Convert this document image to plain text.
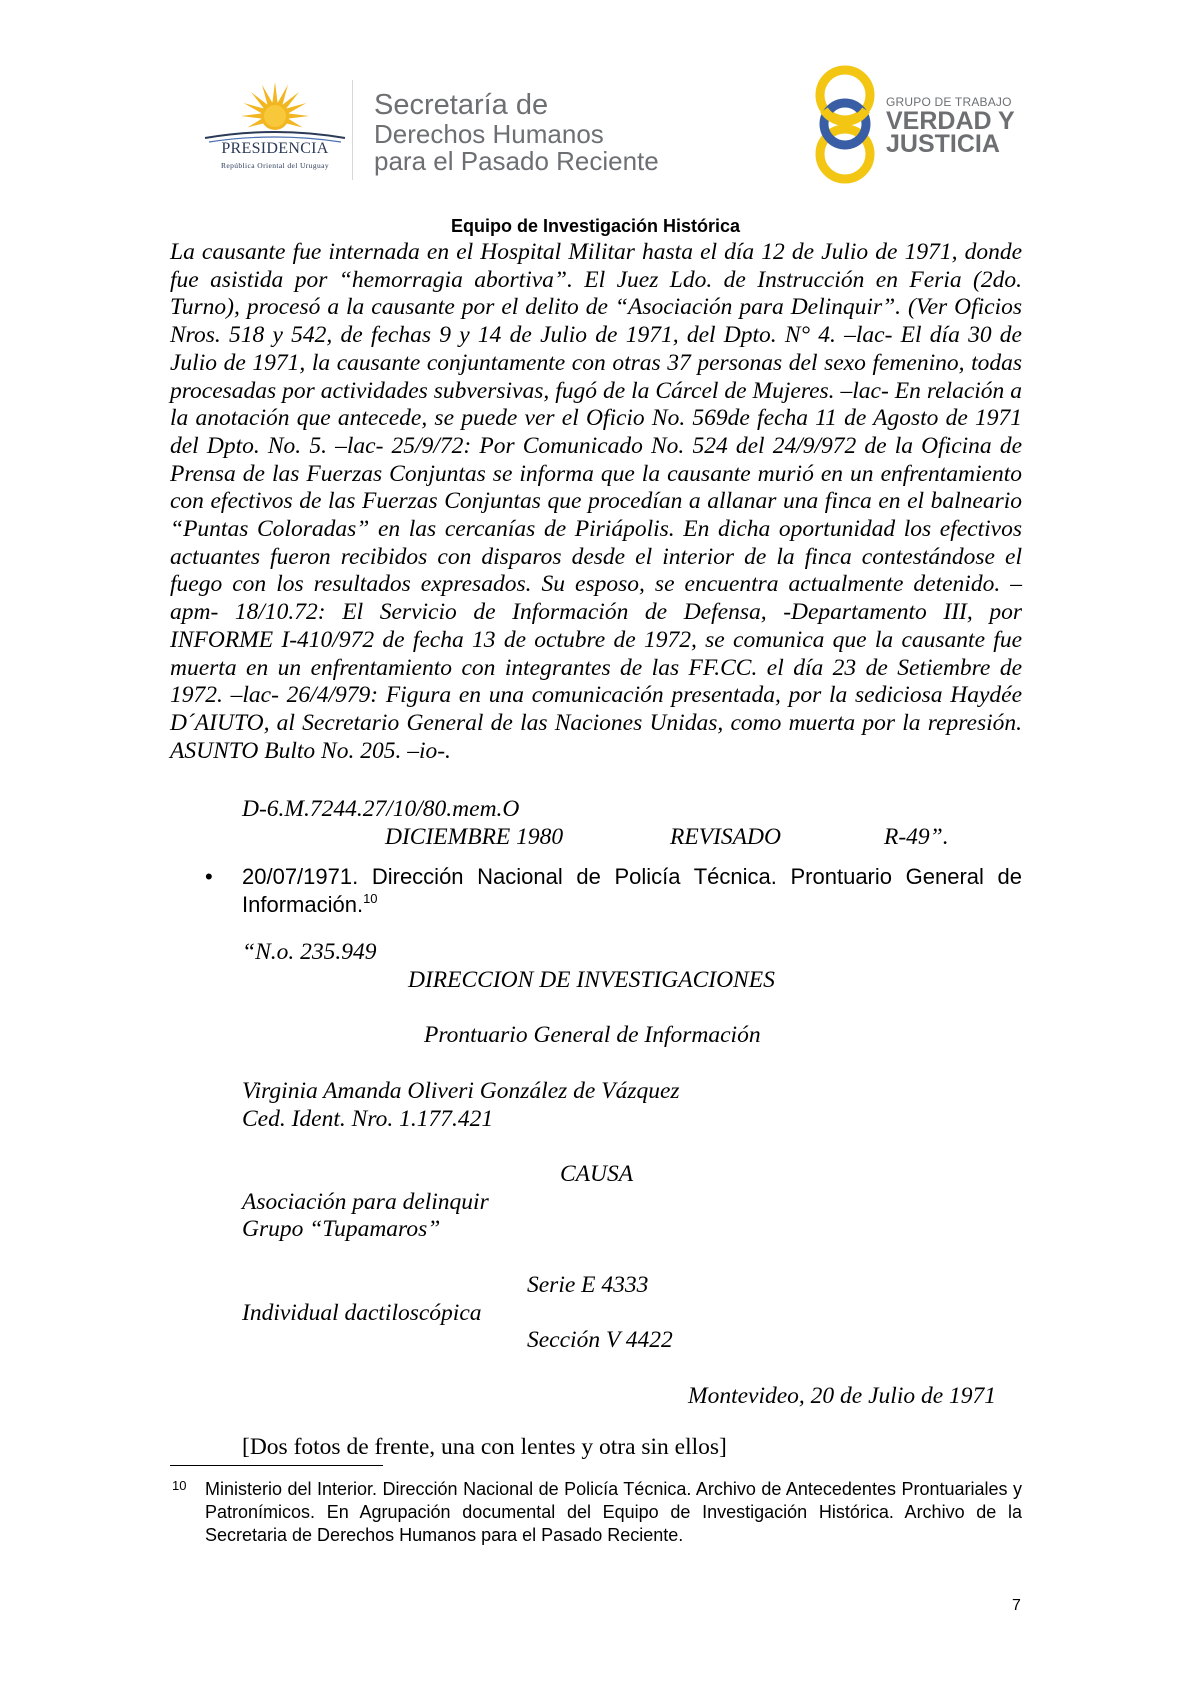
PRESIDENCIA
República Oriental del Uruguay
Secretaría de
Derechos Humanos
para el Pasado Reciente
GRUPO DE TRABAJO
VERDAD Y
JUSTICIA
Equipo de Investigación Histórica
La causante fue internada en el Hospital Militar hasta el día 12 de Julio de 1971, donde fue asistida por “hemorragia abortiva”. El Juez Ldo. de Instrucción en Feria (2do. Turno), procesó a la causante por el delito de “Asociación para Delinquir”. (Ver Oficios Nros. 518 y 542, de fechas 9 y 14 de Julio de 1971, del Dpto. N° 4. –lac- El día 30 de Julio de 1971, la causante conjuntamente con otras 37 personas del sexo femenino, todas procesadas por actividades subversivas, fugó de la Cárcel de Mujeres. –lac- En relación a la anotación que antecede, se puede ver el Oficio No. 569de fecha 11 de Agosto de 1971 del Dpto. No. 5. –lac- 25/9/72: Por Comunicado No. 524 del 24/9/972 de la Oficina de Prensa de las Fuerzas Conjuntas se informa que la causante murió en un enfrentamiento con efectivos de las Fuerzas Conjuntas que procedían a allanar una finca en el balneario “Puntas Coloradas” en las cercanías de Piriápolis. En dicha oportunidad los efectivos actuantes fueron recibidos con disparos desde el interior de la finca contestándose el fuego con los resultados expresados. Su esposo, se encuentra actualmente detenido. –apm- 18/10.72: El Servicio de Información de Defensa, -Departamento III, por INFORME I-410/972 de fecha 13 de octubre de 1972, se comunica que la causante fue muerta en un enfrentamiento con integrantes de las FF.CC. el día 23 de Setiembre de 1972. –lac- 26/4/979: Figura en una comunicación presentada, por la sediciosa Haydée D´AIUTO, al Secretario General de las Naciones Unidas, como muerta por la represión. ASUNTO Bulto No. 205. –io-.
D-6.M.7244.27/10/80.mem.O
DICIEMBRE 1980	REVISADO	R-49”.
• 20/07/1971. Dirección Nacional de Policía Técnica. Prontuario General de Información.$^{10}$
“N.o. 235.949
DIRECCION DE INVESTIGACIONES
Prontuario General de Información
Virginia Amanda Oliveri González de Vázquez
Ced. Ident. Nro. 1.177.421
CAUSA
Asociación para delinquir
Grupo “Tupamaros”
Serie E 4333
Individual dactiloscópica
Sección V 4422
Montevideo, 20 de Julio de 1971
[Dos fotos de frente, una con lentes y otra sin ellos]
10 Ministerio del Interior. Dirección Nacional de Policía Técnica. Archivo de Antecedentes Prontuariales y Patronímicos. En Agrupación documental del Equipo de Investigación Histórica. Archivo de la Secretaria de Derechos Humanos para el Pasado Reciente.
7
